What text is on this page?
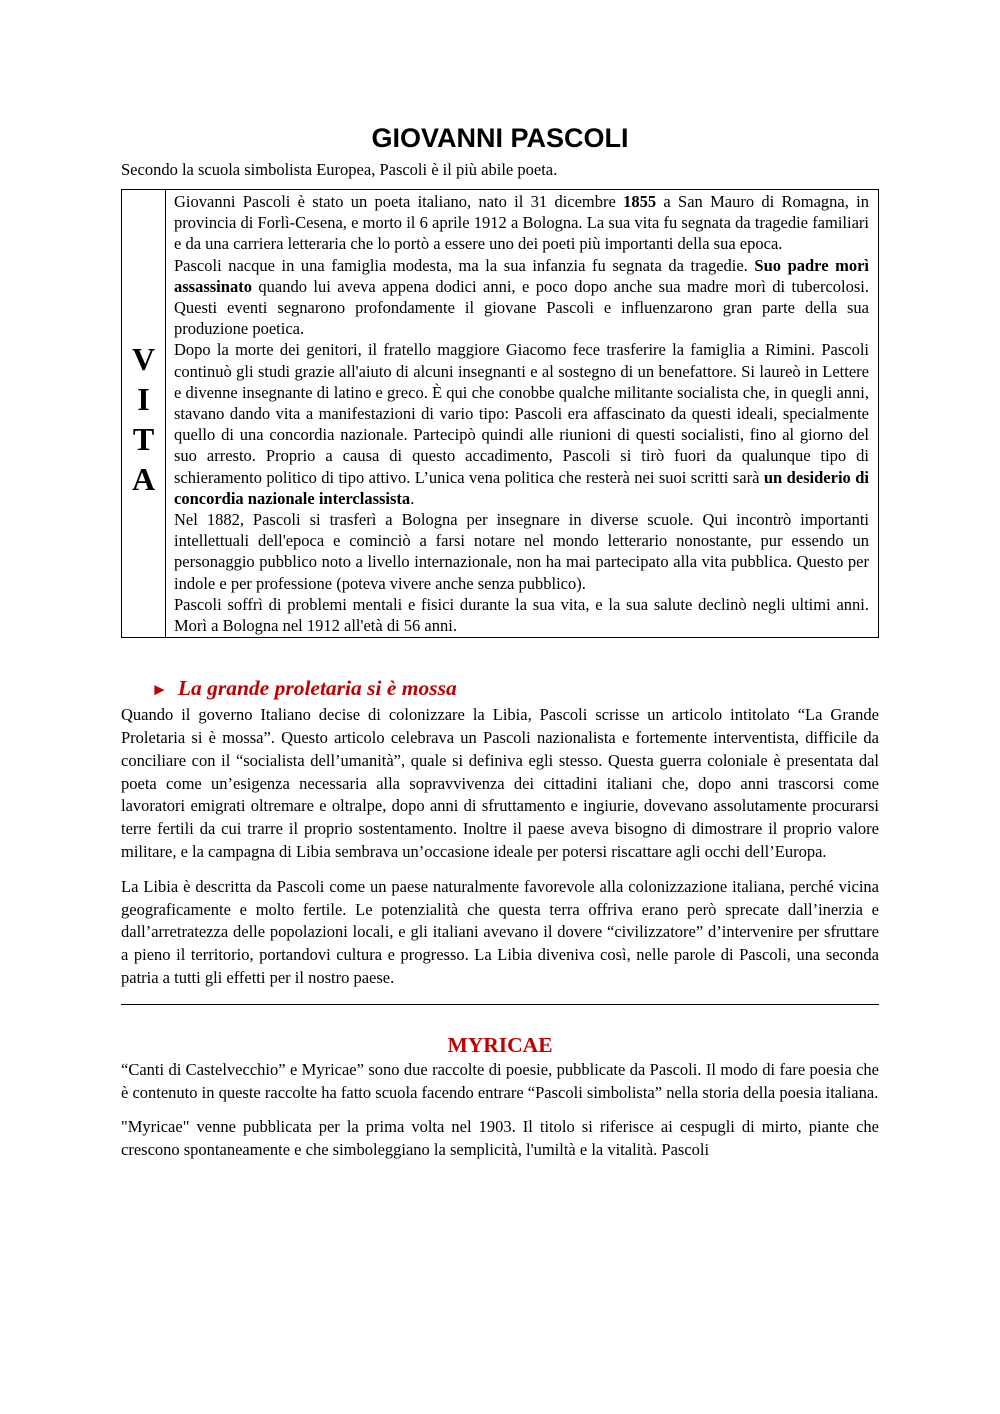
GIOVANNI PASCOLI

Secondo la scuola simbolista Europea, Pascoli è il più abile poeta.

V
I
T
A

Giovanni Pascoli è stato un poeta italiano, nato il 31 dicembre 1855 a San Mauro di Romagna, in provincia di Forlì-Cesena, e morto il 6 aprile 1912 a Bologna. La sua vita fu segnata da tragedie familiari e da una carriera letteraria che lo portò a essere uno dei poeti più importanti della sua epoca.

Pascoli nacque in una famiglia modesta, ma la sua infanzia fu segnata da tragedie. Suo padre morì assassinato quando lui aveva appena dodici anni, e poco dopo anche sua madre morì di tubercolosi. Questi eventi segnarono profondamente il giovane Pascoli e influenzarono gran parte della sua produzione poetica.

Dopo la morte dei genitori, il fratello maggiore Giacomo fece trasferire la famiglia a Rimini. Pascoli continuò gli studi grazie all'aiuto di alcuni insegnanti e al sostegno di un benefattore. Si laureò in Lettere e divenne insegnante di latino e greco. È qui che conobbe qualche militante socialista che, in quegli anni, stavano dando vita a manifestazioni di vario tipo: Pascoli era affascinato da questi ideali, specialmente quello di una concordia nazionale. Partecipò quindi alle riunioni di questi socialisti, fino al giorno del suo arresto. Proprio a causa di questo accadimento, Pascoli si tirò fuori da qualunque tipo di schieramento politico di tipo attivo. L’unica vena politica che resterà nei suoi scritti sarà un desiderio di concordia nazionale interclassista.

Nel 1882, Pascoli si trasferì a Bologna per insegnare in diverse scuole. Qui incontrò importanti intellettuali dell'epoca e cominciò a farsi notare nel mondo letterario nonostante, pur essendo un personaggio pubblico noto a livello internazionale, non ha mai partecipato alla vita pubblica. Questo per indole e per professione (poteva vivere anche senza pubblico).

Pascoli soffrì di problemi mentali e fisici durante la sua vita, e la sua salute declinò negli ultimi anni. Morì a Bologna nel 1912 all'età di 56 anni.

► La grande proletaria si è mossa

Quando il governo Italiano decise di colonizzare la Libia, Pascoli scrisse un articolo intitolato “La Grande Proletaria si è mossa”. Questo articolo celebrava un Pascoli nazionalista e fortemente interventista, difficile da conciliare con il “socialista dell’umanità”, quale si definiva egli stesso. Questa guerra coloniale è presentata dal poeta come un’esigenza necessaria alla sopravvivenza dei cittadini italiani che, dopo anni trascorsi come lavoratori emigrati oltremare e oltralpe, dopo anni di sfruttamento e ingiurie, dovevano assolutamente procurarsi terre fertili da cui trarre il proprio sostentamento. Inoltre il paese aveva bisogno di dimostrare il proprio valore militare, e la campagna di Libia sembrava un’occasione ideale per potersi riscattare agli occhi dell’Europa.

La Libia è descritta da Pascoli come un paese naturalmente favorevole alla colonizzazione italiana, perché vicina geograficamente e molto fertile. Le potenzialità che questa terra offriva erano però sprecate dall’inerzia e dall’arretratezza delle popolazioni locali, e gli italiani avevano il dovere “civilizzatore” d’intervenire per sfruttare a pieno il territorio, portandovi cultura e progresso. La Libia diveniva così, nelle parole di Pascoli, una seconda patria a tutti gli effetti per il nostro paese.

MYRICAE

“Canti di Castelvecchio” e Myricae” sono due raccolte di poesie, pubblicate da Pascoli. Il modo di fare poesia che è contenuto in queste raccolte ha fatto scuola facendo entrare “Pascoli simbolista” nella storia della poesia italiana.

"Myricae" venne pubblicata per la prima volta nel 1903. Il titolo si riferisce ai cespugli di mirto, piante che crescono spontaneamente e che simboleggiano la semplicità, l'umiltà e la vitalità. Pascoli
